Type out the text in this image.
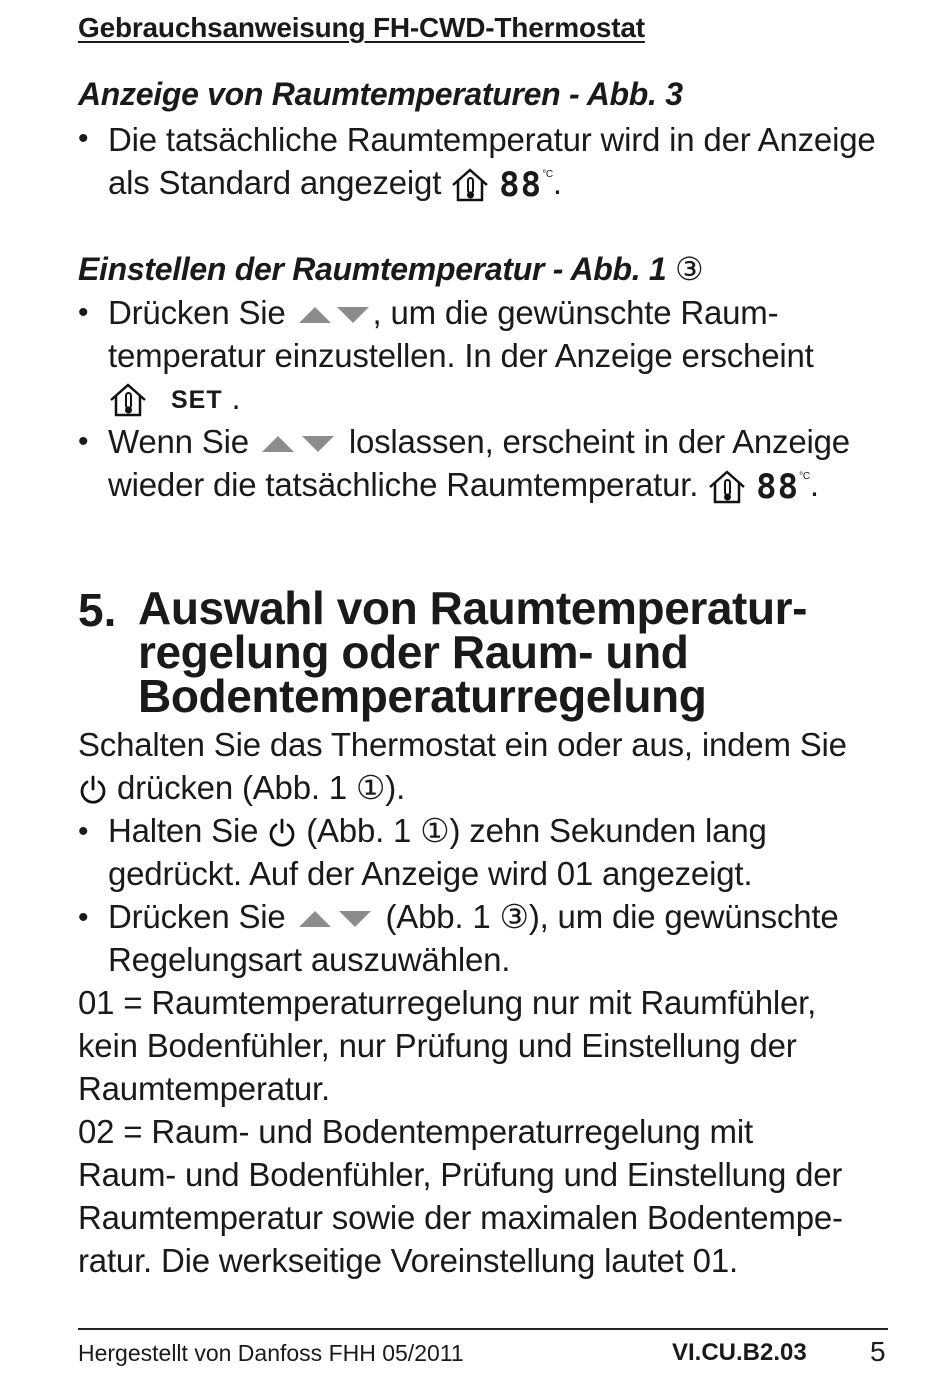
Gebrauchsanweisung FH-CWD-Thermostat
Anzeige von Raumtemperaturen - Abb. 3
• Die tatsächliche Raumtemperatur wird in der Anzeige
als Standard angezeigt 88°C.
Einstellen der Raumtemperatur - Abb. 1 ③
• Drücken Sie	, um die gewünschte Raum-
temperatur einzustellen. In der Anzeige erscheint
SET .
• Wenn Sie	loslassen, erscheint in der Anzeige
wieder die tatsächliche Raumtemperatur. 88°C.
5. Auswahl von Raumtemperatur-
regelung oder Raum- und
Bodentemperaturregelung
Schalten Sie das Thermostat ein oder aus, indem Sie
drücken (Abb. 1 ①).
• Halten Sie (Abb. 1 ①) zehn Sekunden lang
gedrückt. Auf der Anzeige wird 01 angezeigt.
• Drücken Sie	(Abb. 1 ③), um die gewünschte
Regelungsart auszuwählen.
01 = Raumtemperaturregelung nur mit Raumfühler,
kein Bodenfühler, nur Prüfung und Einstellung der
Raumtemperatur.
02 = Raum- und Bodentemperaturregelung mit
Raum- und Bodenfühler, Prüfung und Einstellung der
Raumtemperatur sowie der maximalen Bodentempe-
ratur. Die werkseitige Voreinstellung lautet 01.
Hergestellt von Danfoss FHH 05/2011	VI.CU.B2.03 5
